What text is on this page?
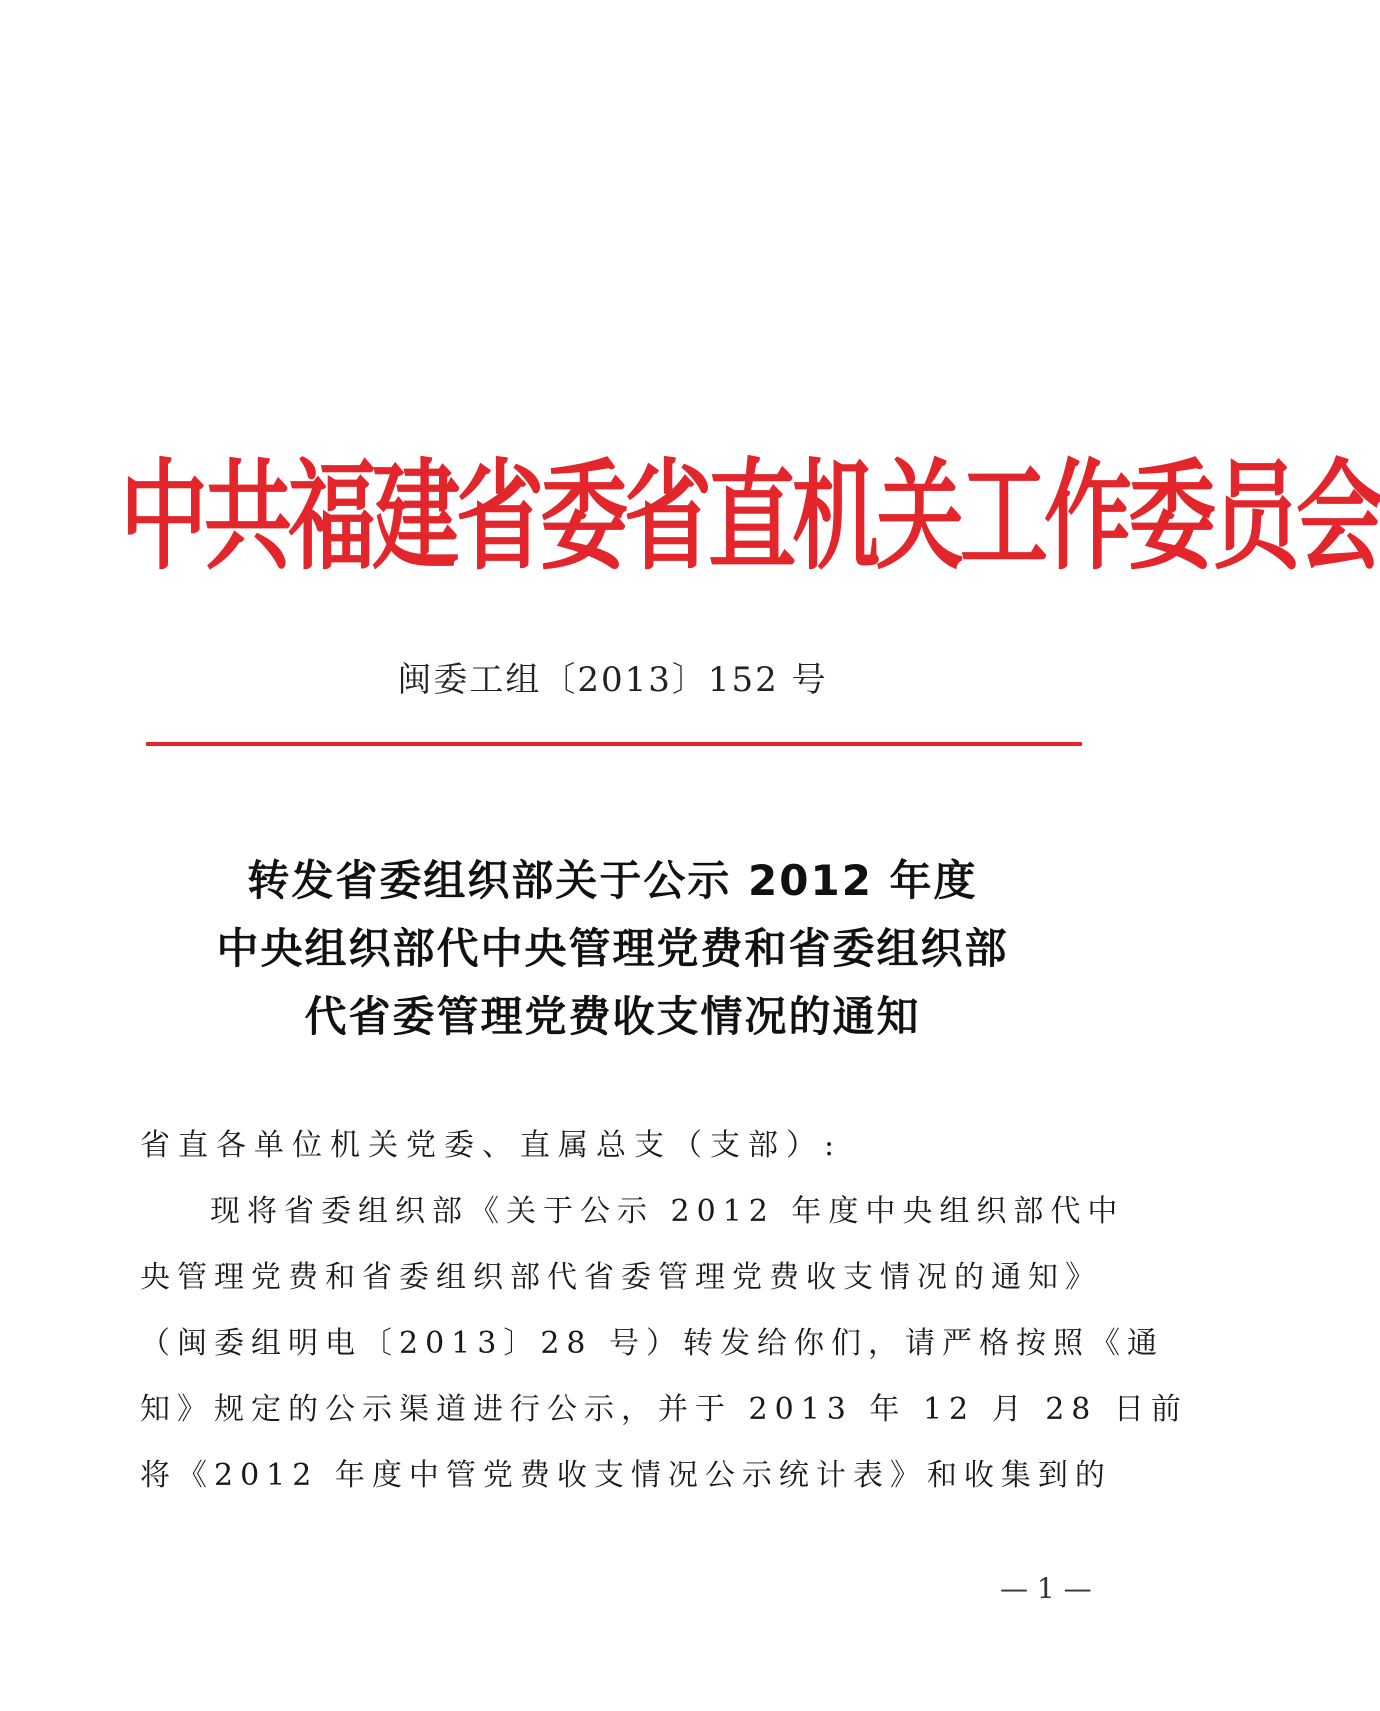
中共福建省委省直机关工作委员会
闽委工组〔2013〕152 号
转发省委组织部关于公示 2012 年度
中央组织部代中央管理党费和省委组织部
代省委管理党费收支情况的通知
省直各单位机关党委、直属总支（支部）:
现将省委组织部《关于公示 2012 年度中央组织部代中
央管理党费和省委组织部代省委管理党费收支情况的通知》
（闽委组明电〔2013〕28 号）转发给你们，请严格按照《通
知》规定的公示渠道进行公示，并于 2013 年 12 月 28 日前
将《2012 年度中管党费收支情况公示统计表》和收集到的
— 1 —
